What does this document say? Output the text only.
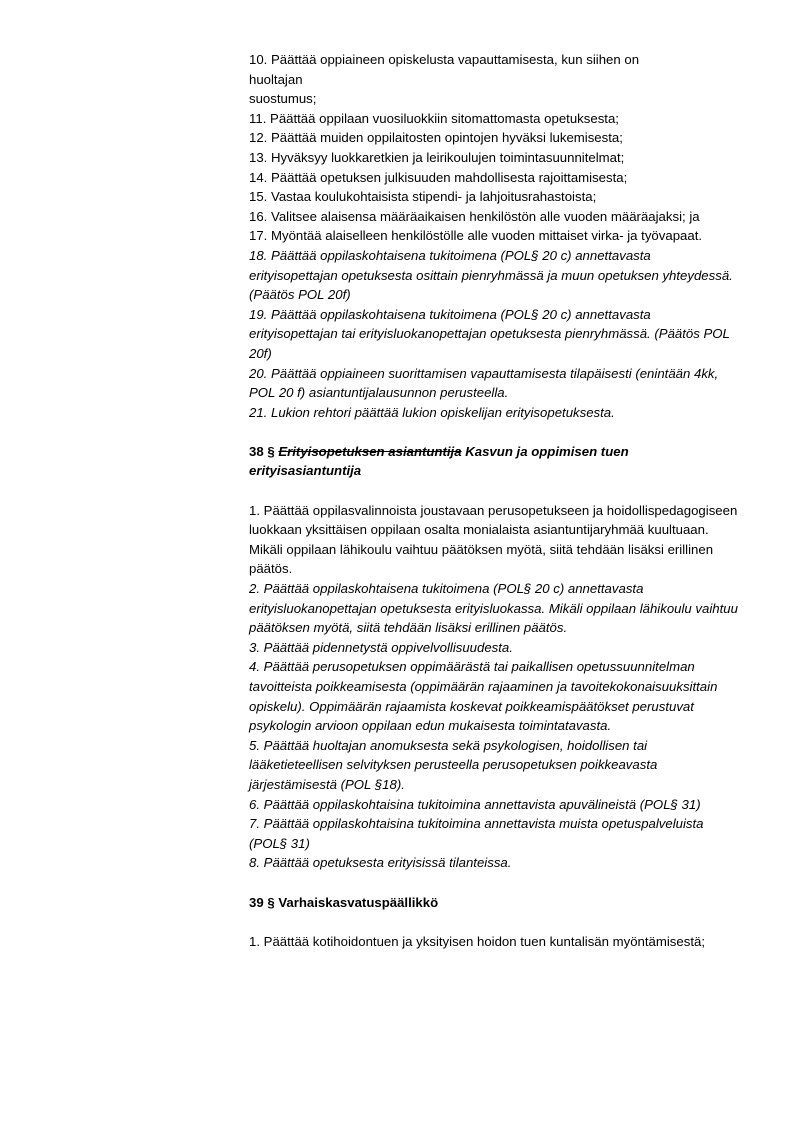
10. Päättää oppiaineen opiskelusta vapauttamisesta, kun siihen on
huoltajan
suostumus;

11. Päättää oppilaan vuosiluokkiin sitomattomasta opetuksesta;

12. Päättää muiden oppilaitosten opintojen hyväksi lukemisesta;

13. Hyväksyy luokkaretkien ja leirikoulujen toimintasuunnitelmat;

14. Päättää opetuksen julkisuuden mahdollisesta rajoittamisesta;

15. Vastaa koulukohtaisista stipendi- ja lahjoitusrahastoista;

16. Valitsee alaisensa määräaikaisen henkilöstön alle vuoden määräajaksi; ja

17. Myöntää alaiselleen henkilöstölle alle vuoden mittaiset virka- ja työvapaat.

18. Päättää oppilaskohtaisena tukitoimena (POL§ 20 c) annettavasta erityisopettajan opetuksesta osittain pienryhmässä ja muun opetuksen yhteydessä. (Päätös POL 20f)

19. Päättää oppilaskohtaisena tukitoimena (POL§ 20 c) annettavasta erityisopettajan tai erityisluokanopettajan opetuksesta pienryhmässä. (Päätös POL 20f)

20. Päättää oppiaineen suorittamisen vapauttamisesta tilapäisesti (enintään 4kk, POL 20 f) asiantuntijalausunnon perusteella.

21. Lukion rehtori päättää lukion opiskelijan erityisopetuksesta.

38 § Erityisopetuksen asiantuntija Kasvun ja oppimisen tuen erityisasiantuntija

1. Päättää oppilasvalinnoista joustavaan perusopetukseen ja hoidollispedagogiseen luokkaan yksittäisen oppilaan osalta monialaista asiantuntijaryhmää kuultuaan. Mikäli oppilaan lähikoulu vaihtuu päätöksen myötä, siitä tehdään lisäksi erillinen päätös.

2. Päättää oppilaskohtaisena tukitoimena (POL§ 20 c) annettavasta erityisluokanopettajan opetuksesta erityisluokassa. Mikäli oppilaan lähikoulu vaihtuu päätöksen myötä, siitä tehdään lisäksi erillinen päätös.

3. Päättää pidennetystä oppivelvollisuudesta.

4. Päättää perusopetuksen oppimäärästä tai paikallisen opetussuunnitelman tavoitteista poikkeamisesta (oppimäärän rajaaminen ja tavoitekokonaisuuksittain opiskelu). Oppimäärän rajaamista koskevat poikkeamispäätökset perustuvat psykologin arvioon oppilaan edun mukaisesta toimintatavasta.

5. Päättää huoltajan anomuksesta sekä psykologisen, hoidollisen tai lääketieteellisen selvityksen perusteella perusopetuksen poikkeavasta järjestämisestä (POL §18).

6. Päättää oppilaskohtaisina tukitoimina annettavista apuvälineistä (POL§ 31)

7. Päättää oppilaskohtaisina tukitoimina annettavista muista opetuspalveluista (POL§ 31)

8. Päättää opetuksesta erityisissä tilanteissa.

39 § Varhaiskasvatuspäällikkö

1. Päättää kotihoidontuen ja yksityisen hoidon tuen kuntalisän myöntämisestä;
